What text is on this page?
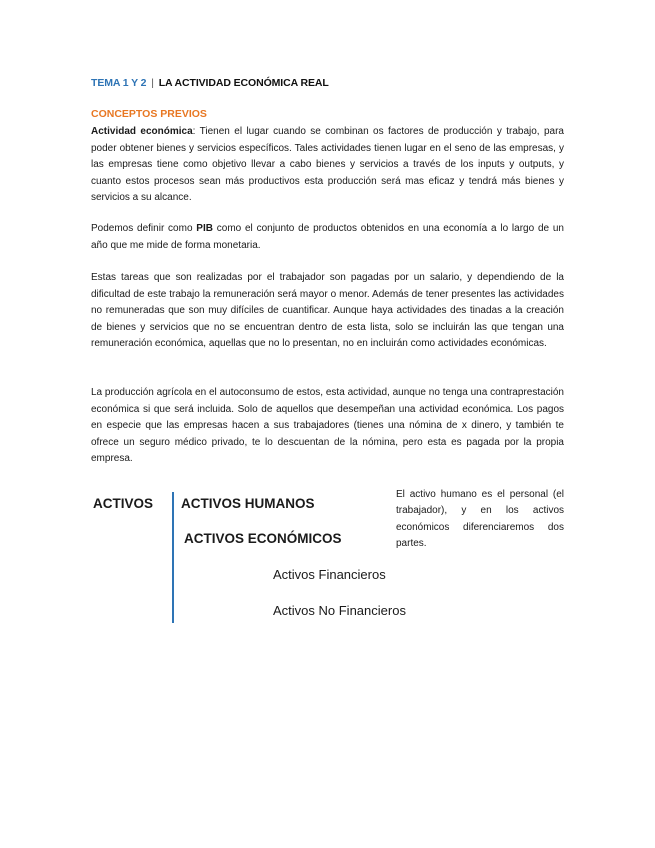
TEMA 1 Y 2 | LA ACTIVIDAD ECONÓMICA REAL
CONCEPTOS PREVIOS

Actividad económica: Tienen el lugar cuando se combinan os factores de producción y trabajo, para poder obtener bienes y servicios específicos. Tales actividades tienen lugar en el seno de las empresas, y las empresas tiene como objetivo llevar a cabo bienes y servicios a través de los inputs y outputs, y cuanto estos procesos sean más productivos esta producción será mas eficaz y tendrá más bienes y servicios a su alcance.

Podemos definir como PIB como el conjunto de productos obtenidos en una economía a lo largo de un año que me mide de forma monetaria.

Estas tareas que son realizadas por el trabajador son pagadas por un salario, y dependiendo de la dificultad de este trabajo la remuneración será mayor o menor. Además de tener presentes las actividades no remuneradas que son muy difíciles de cuantificar. Aunque haya actividades des tinadas a la creación de bienes y servicios que no se encuentran dentro de esta lista, solo se incluirán las que tengan una remuneración económica, aquellas que no lo presentan, no en incluirán como actividades económicas.

La producción agrícola en el autoconsumo de estos, esta actividad, aunque no tenga una contraprestación económica si que será incluida. Solo de aquellos que desempeñan una actividad económica. Los pagos en especie que las empresas hacen a sus trabajadores (tienes una nómina de x dinero, y también te ofrece un seguro médico privado, te lo descuentan de la nómina, pero esta es pagada por la propia empresa.

ACTIVOS ACTIVOS HUMANOS
ACTIVOS ECONÓMICOS
Activos Financieros
Activos No Financieros

El activo humano es el personal (el trabajador), y en los activos económicos diferenciaremos dos partes.
